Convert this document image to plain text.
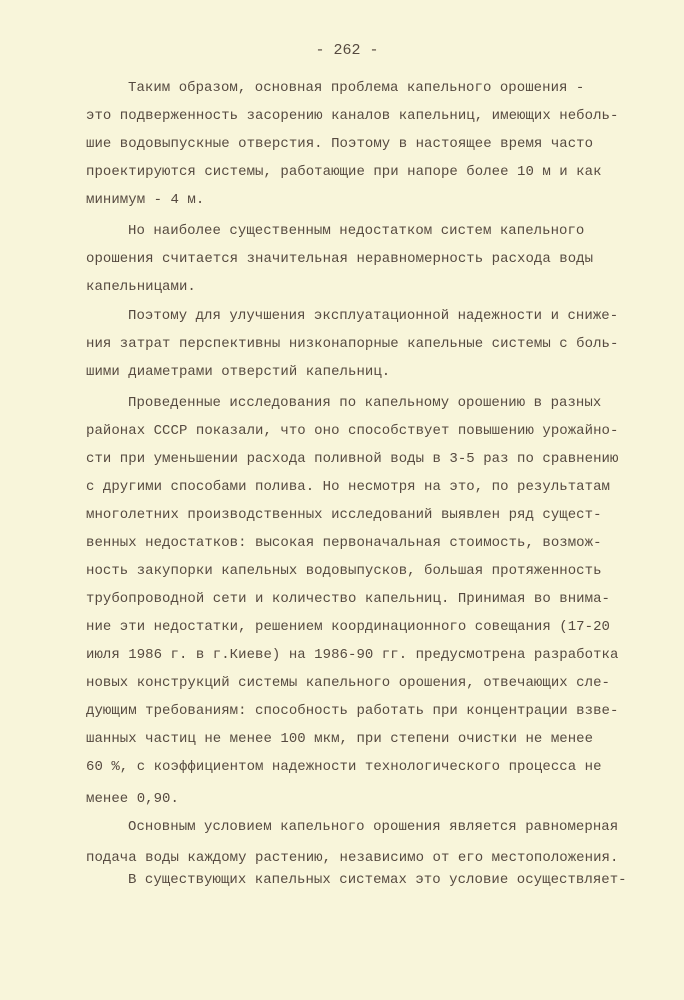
- 262 -
Таким образом, основная проблема капельного орошения -
это подверженность засорению каналов капельниц, имеющих неболь-
шие водовыпускные отверстия. Поэтому в настоящее время часто
проектируются системы, работающие при напоре более 10 м и как
минимум - 4 м.
Но наиболее существенным недостатком систем капельного
орошения считается значительная неравномерность расхода воды
капельницами.
Поэтому для улучшения эксплуатационной надежности и сниже-
ния затрат перспективны низконапорные капельные системы с боль-
шими диаметрами отверстий капельниц.
Проведенные исследования по капельному орошению в разных
районах СССР показали, что оно способствует повышению урожайно-
сти при уменьшении расхода поливной воды в 3-5 раз по сравнению
с другими способами полива. Но несмотря на это, по результатам
многолетних производственных исследований выявлен ряд сущест-
венных недостатков: высокая первоначальная стоимость, возмож-
ность закупорки капельных водовыпусков, большая протяженность
трубопроводной сети и количество капельниц. Принимая во внима-
ние эти недостатки, решением координационного совещания (17-20
июля 1986 г. в г.Киеве) на 1986-90 гг. предусмотрена разработка
новых конструкций системы капельного орошения, отвечающих сле-
дующим требованиям: способность работать при концентрации взве-
шанных частиц не менее 100 мкм, при степени очистки не менее
60 %, с коэффициентом надежности технологического процесса не
менее 0,90.
Основным условием капельного орошения является равномерная
подача воды каждому растению, независимо от его местоположения.
В существующих капельных системах это условие осуществляет-
